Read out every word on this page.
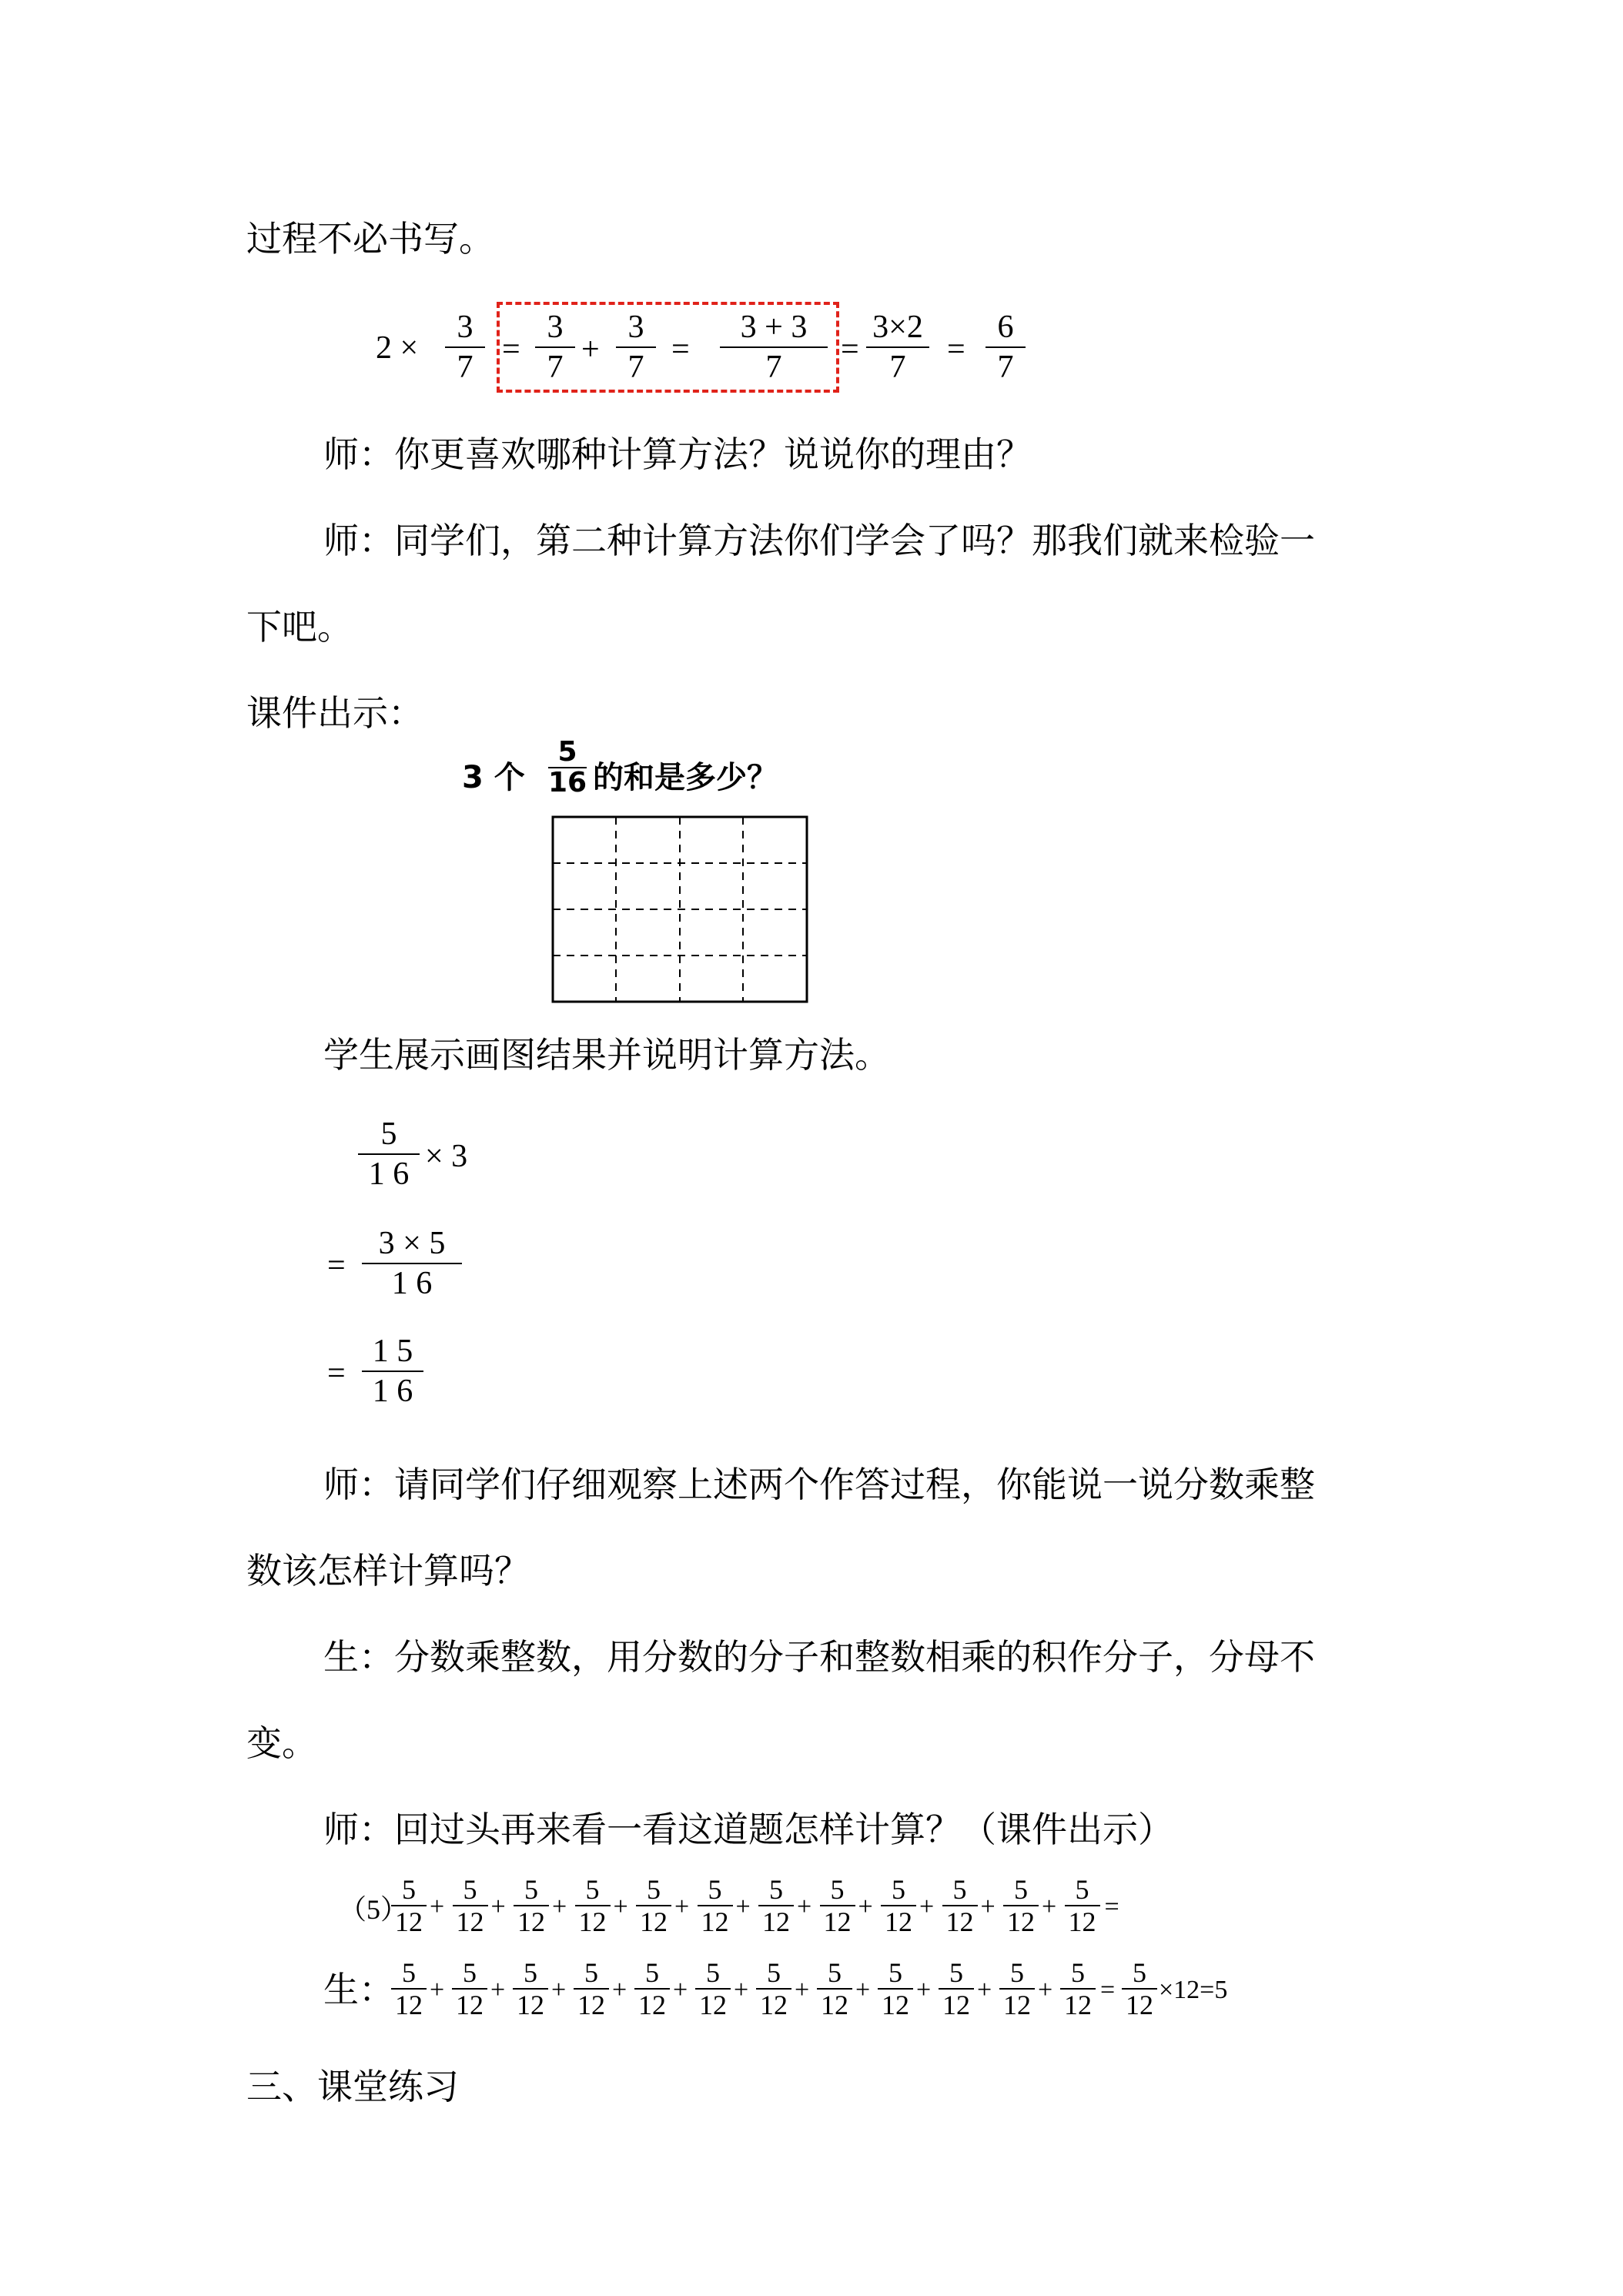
过程不必书写。
2 ×
3
7 =
3
7 +
3
7 =
3 + 3
7	=
3×2
7	=
6
7
师：你更喜欢哪种计算方法？说说你的理由？
师：同学们，第二种计算方法你们学会了吗？那我们就来检验一
下吧。
课件出示：
3 个
5
16 的和是多少？
学生展示画图结果并说明计算方法。
5
1 6 × 3
=
3 × 5
1 6
=
1 5
1 6
师：请同学们仔细观察上述两个作答过程，你能说一说分数乘整
数该怎样计算吗？
生：分数乘整数，用分数的分子和整数相乘的积作分子，分母不
变。
师：回过头再来看一看这道题怎样计算？（课件出示）
（5）
5
12 +
5
12 +
5
12 +
5
12 +
5
12 +
5
12 +
5
12 +
5
12 +
5
12 +
5
12 +
5
12 +
5
12 =
生： 5
12 +
5
12 +
5
12 +
5
12 +
5
12 +
5
12 +
5
12 +
5
12 +
5
12 +
5
12 +
5
12 +
5
12 =
5
12 ×12=5
三、课堂练习
